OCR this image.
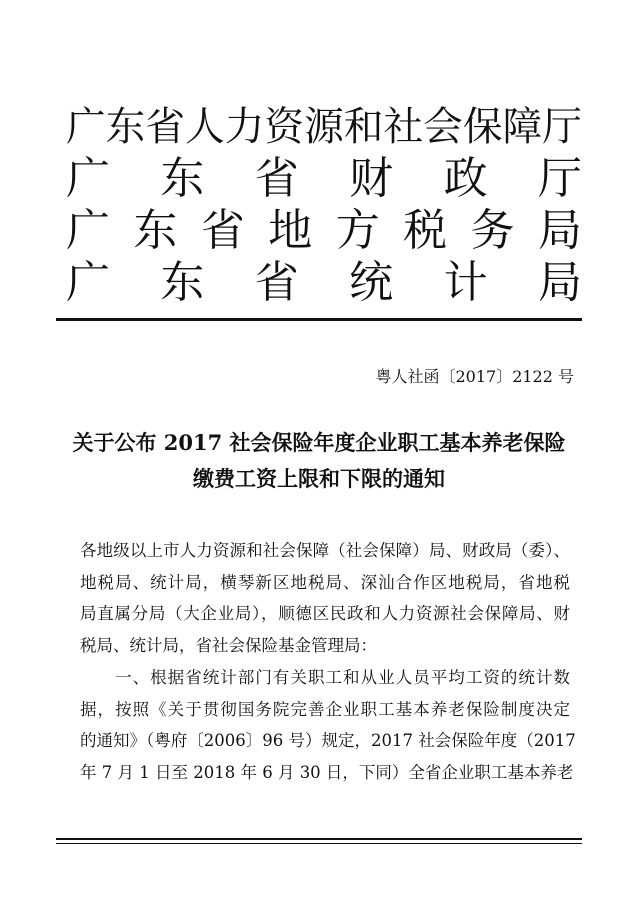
广东省人力资源和社会保障厅
广 东 省 财 政 厅
广 东 省 地 方 税 务 局
广 东 省 统 计 局
粤人社函〔2017〕2122 号
关于公布 2017 社会保险年度企业职工基本养老保险
缴费工资上限和下限的通知

各地级以上市人力资源和社会保障（社会保障）局、财政局（委）、

地税局、统计局，横琴新区地税局、深汕合作区地税局，省地税

局直属分局（大企业局），顺德区民政和人力资源社会保障局、财

税局、统计局，省社会保险基金管理局：

　　一、根据省统计部门有关职工和从业人员平均工资的统计数

据，按照《关于贯彻国务院完善企业职工基本养老保险制度决定

的通知》（粤府〔2006〕96 号）规定，2017 社会保险年度（2017

年 7 月 1 日至 2018 年 6 月 30 日，下同）全省企业职工基本养老
